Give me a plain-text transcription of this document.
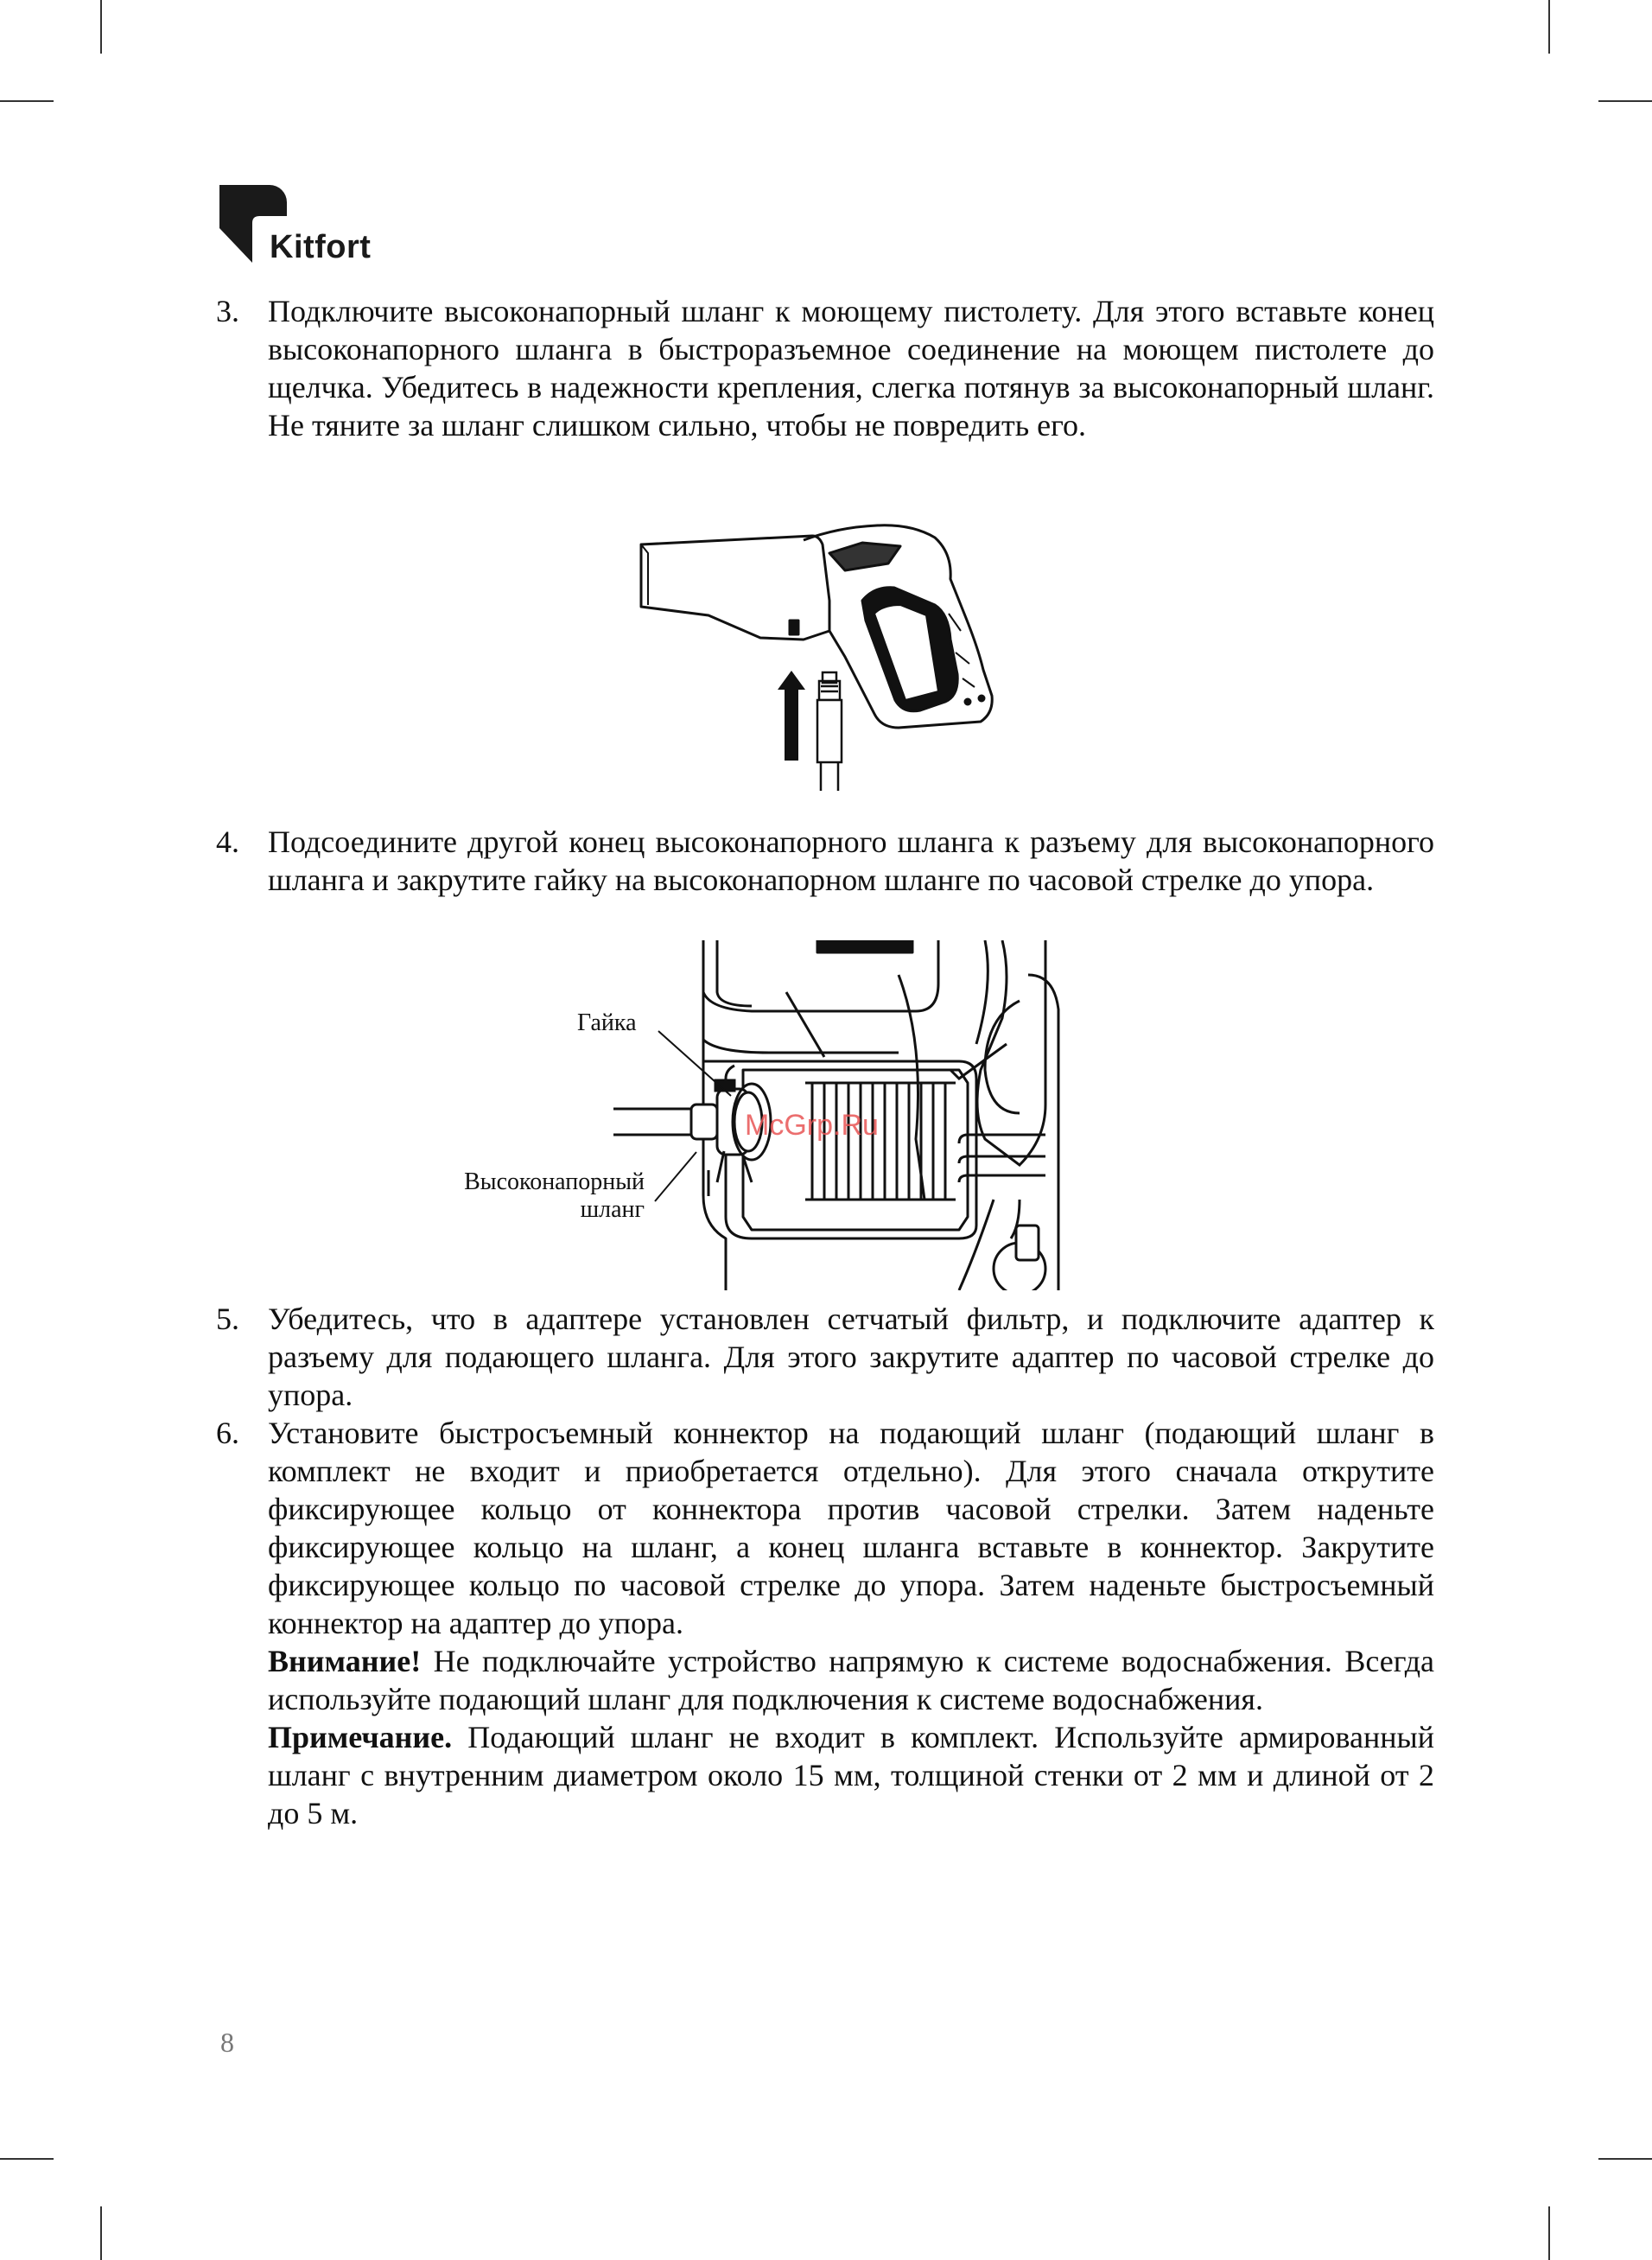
Kitfort
3. Подключите высоконапорный шланг к моющему пистолету. Для этого вставьте конец высоконапорного шланга в быстроразъемное соединение на моющем пистолете до щелчка. Убедитесь в надежности крепления, слегка потянув за высоконапорный шланг. Не тяните за шланг слишком сильно, чтобы не повредить его.

4. Подсоедините другой конец высоконапорного шланга к разъему для высоконапорного шланга и закрутите гайку на высоконапорном шланге по часовой стрелке до упора.

Гайка
Высоконапорный
шланг
McGrp.Ru
5. Убедитесь, что в адаптере установлен сетчатый фильтр, и подключите адаптер к разъему для подающего шланга. Для этого закрутите адаптер по часовой стрелке до упора.

6. Установите быстросъемный коннектор на подающий шланг (подающий шланг в комплект не входит и приобретается отдельно). Для этого сначала открутите фиксирующее кольцо от коннектора против часовой стрелки. Затем наденьте фиксирующее кольцо на шланг, а конец шланга вставьте в коннектор. Закрутите фиксирующее кольцо по часовой стрелке до упора. Затем наденьте быстросъемный коннектор на адаптер до упора.

Внимание! Не подключайте устройство напрямую к системе водоснабжения. Всегда используйте подающий шланг для подключения к системе водоснабжения.

Примечание. Подающий шланг не входит в комплект. Используйте армированный шланг с внутренним диаметром около 15 мм, толщиной стенки от 2 мм и длиной от 2 до 5 м.

8
